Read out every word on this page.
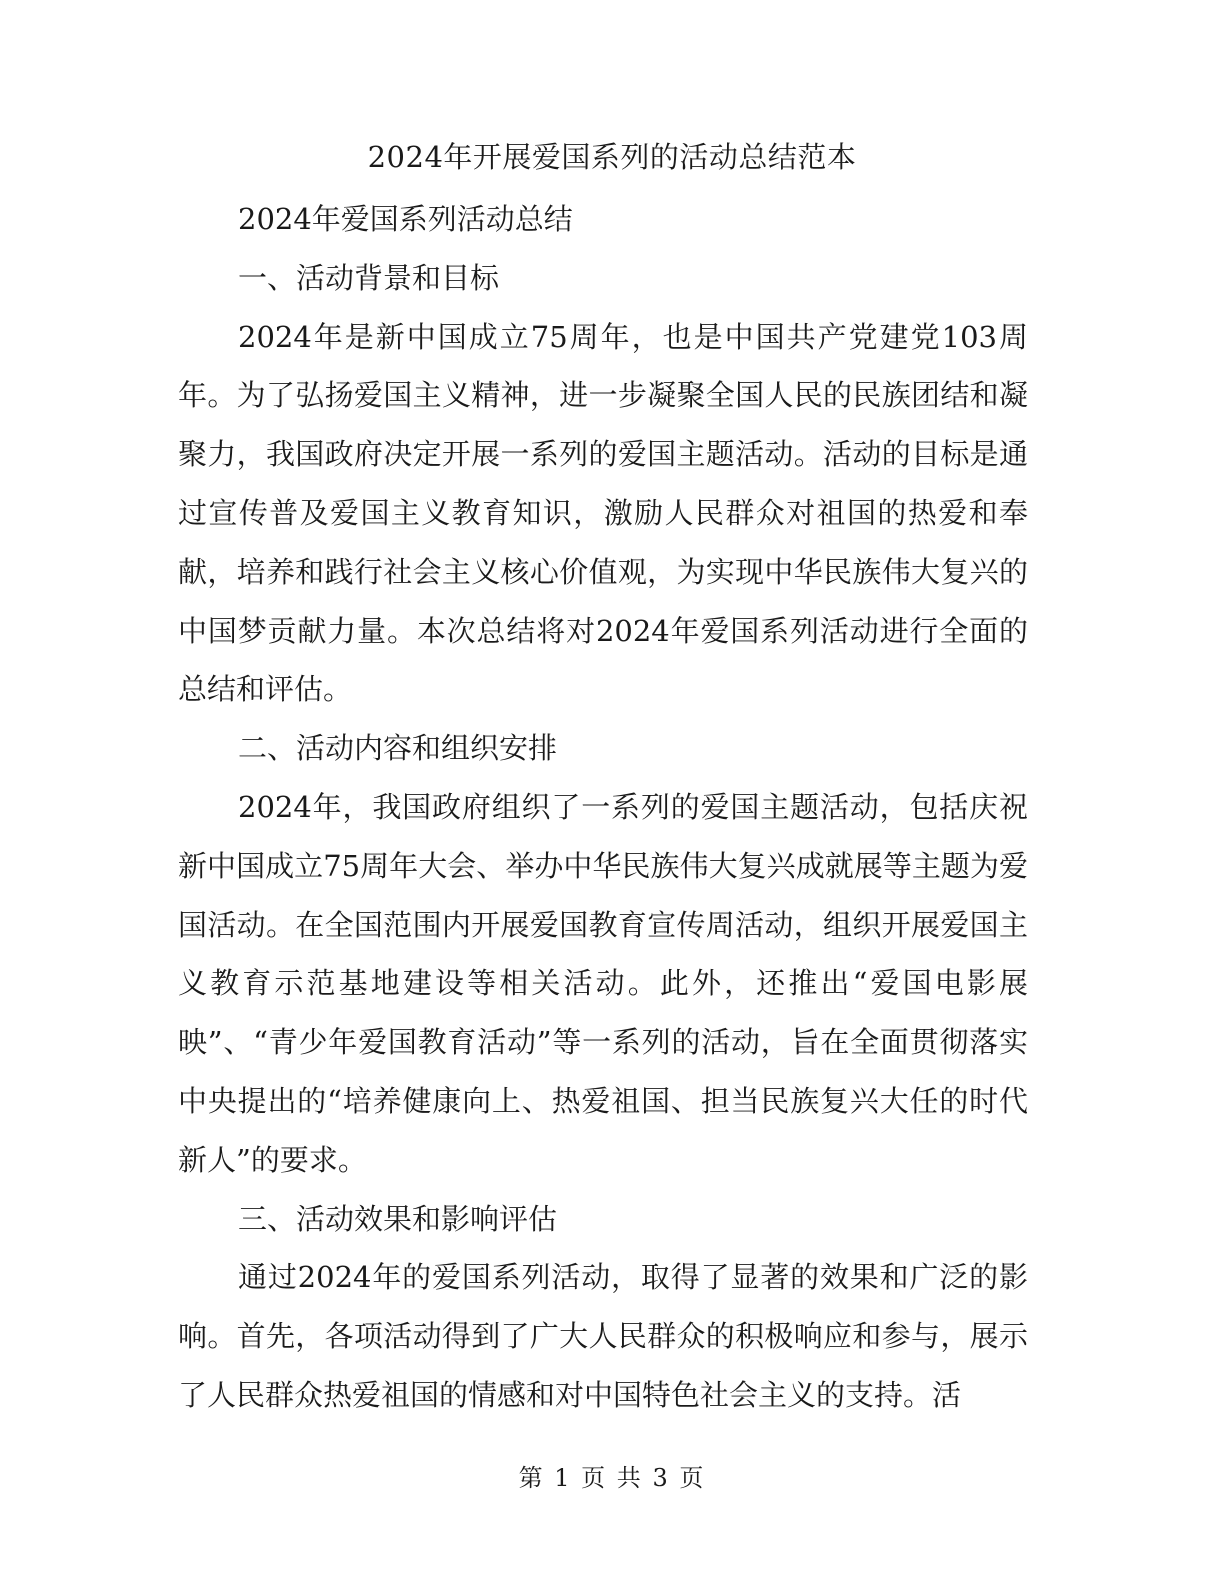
2024年开展爱国系列的活动总结范本

2024年爱国系列活动总结

一、活动背景和目标

2024年是新中国成立75周年，也是中国共产党建党103周年。为了弘扬爱国主义精神，进一步凝聚全国人民的民族团结和凝聚力，我国政府决定开展一系列的爱国主题活动。活动的目标是通过宣传普及爱国主义教育知识，激励人民群众对祖国的热爱和奉献，培养和践行社会主义核心价值观，为实现中华民族伟大复兴的中国梦贡献力量。本次总结将对2024年爱国系列活动进行全面的总结和评估。

二、活动内容和组织安排

2024年，我国政府组织了一系列的爱国主题活动，包括庆祝新中国成立75周年大会、举办中华民族伟大复兴成就展等主题为爱国活动。在全国范围内开展爱国教育宣传周活动，组织开展爱国主义教育示范基地建设等相关活动。此外，还推出“爱国电影展映”、“青少年爱国教育活动”等一系列的活动，旨在全面贯彻落实中央提出的“培养健康向上、热爱祖国、担当民族复兴大任的时代新人”的要求。

三、活动效果和影响评估

通过2024年的爱国系列活动，取得了显著的效果和广泛的影响。首先，各项活动得到了广大人民群众的积极响应和参与，展示了人民群众热爱祖国的情感和对中国特色社会主义的支持。活

第 1 页 共 3 页
